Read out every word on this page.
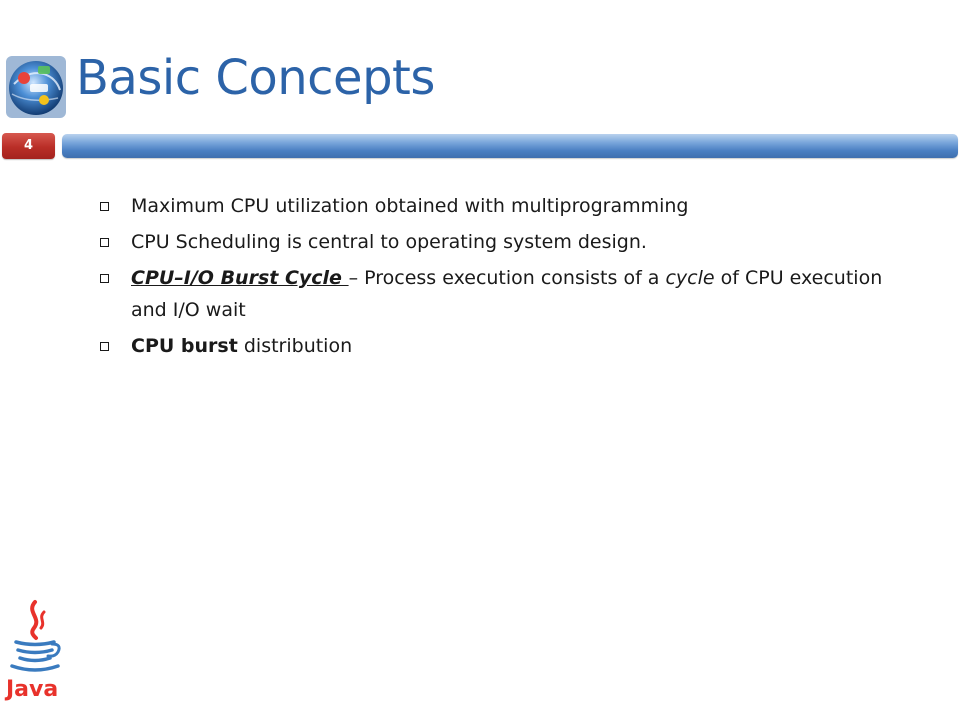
Basic Concepts
4
Maximum CPU utilization obtained with multiprogramming
CPU Scheduling is central to operating system design.
CPU–I/O Burst Cycle – Process execution consists of a cycle of CPU execution and I/O wait
CPU burst distribution
Java
